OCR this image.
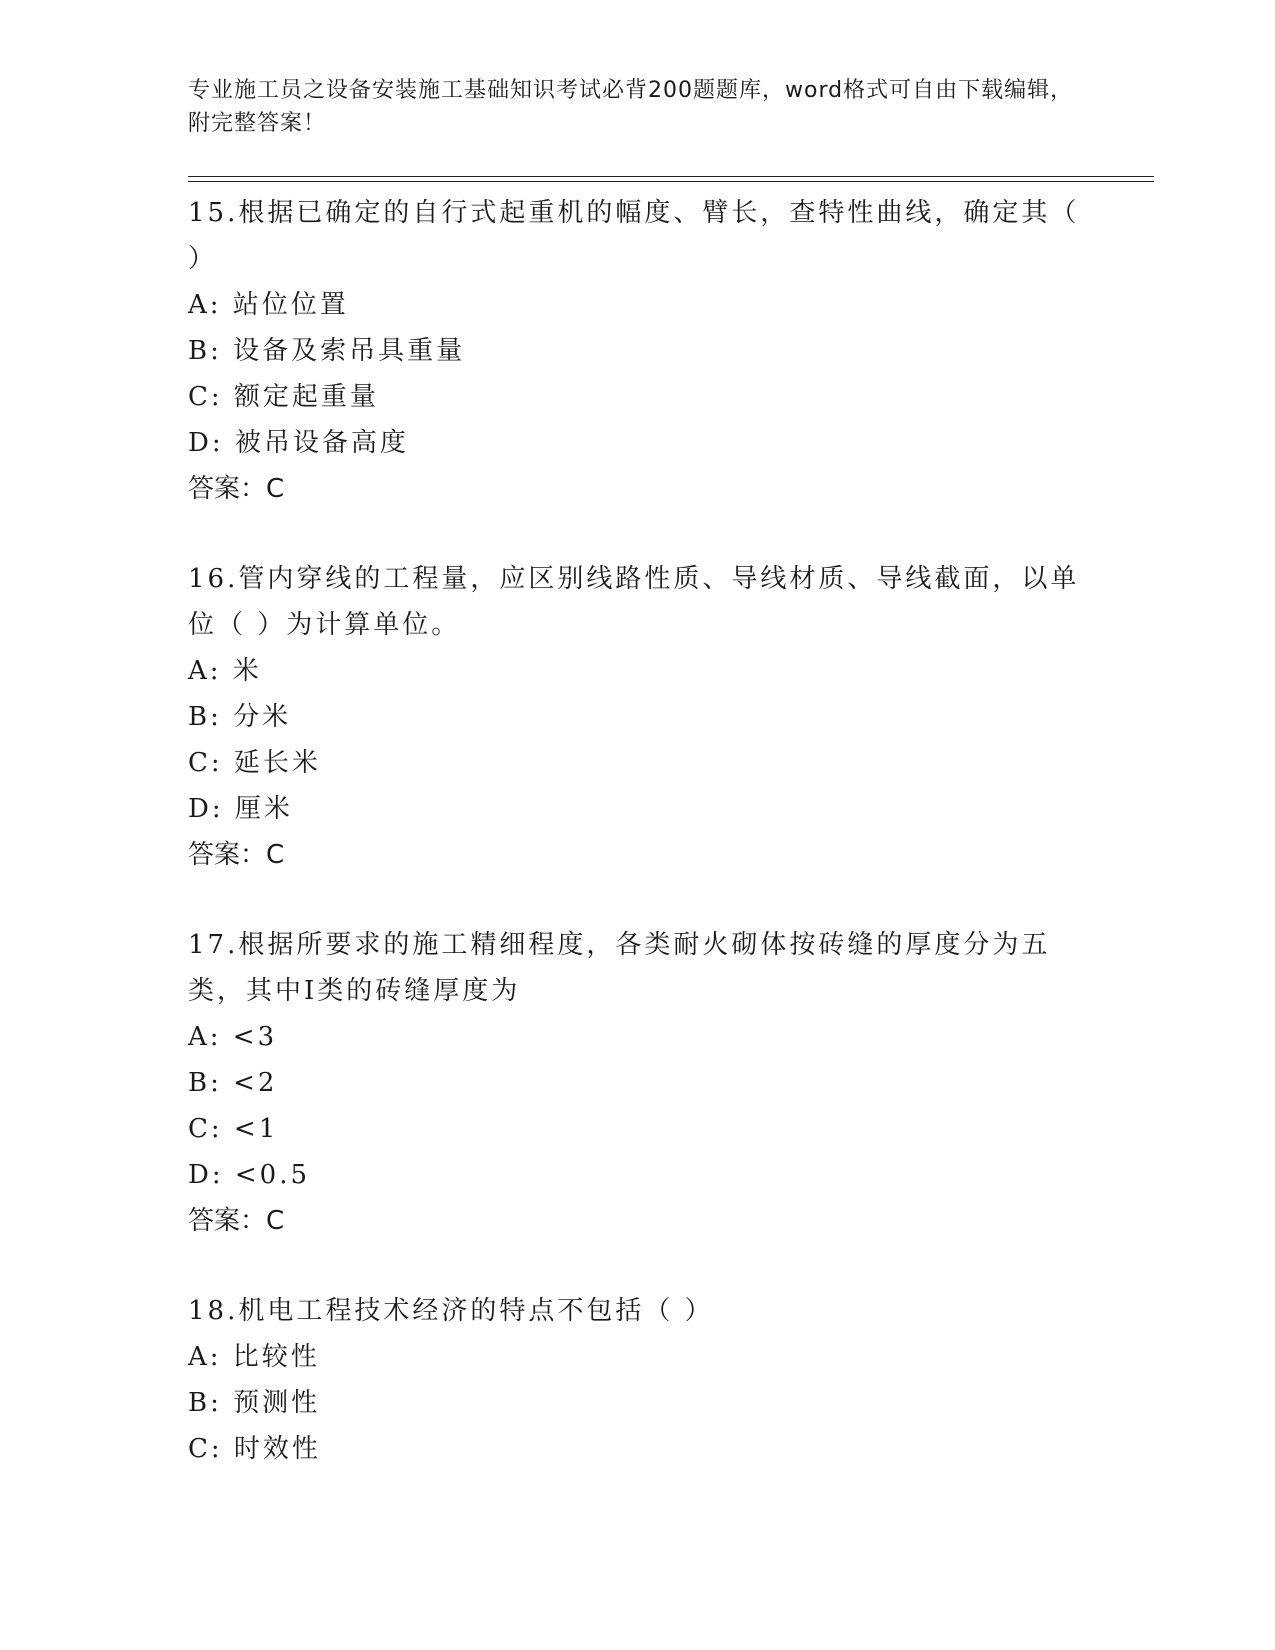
专业施工员之设备安装施工基础知识考试必背200题题库，word格式可自由下载编辑，附完整答案！
15.根据已确定的自行式起重机的幅度、臂长，查特性曲线，确定其（ ）
A: 站位位置
B: 设备及索吊具重量
C: 额定起重量
D: 被吊设备高度
答案：C
16.管内穿线的工程量，应区别线路性质、导线材质、导线截面，以单位（ ）为计算单位。
A: 米
B: 分米
C: 延长米
D: 厘米
答案：C
17.根据所要求的施工精细程度，各类耐火砌体按砖缝的厚度分为五类，其中I类的砖缝厚度为
A: <3
B: <2
C: <1
D: <0.5
答案：C
18.机电工程技术经济的特点不包括（ ）
A: 比较性
B: 预测性
C: 时效性
